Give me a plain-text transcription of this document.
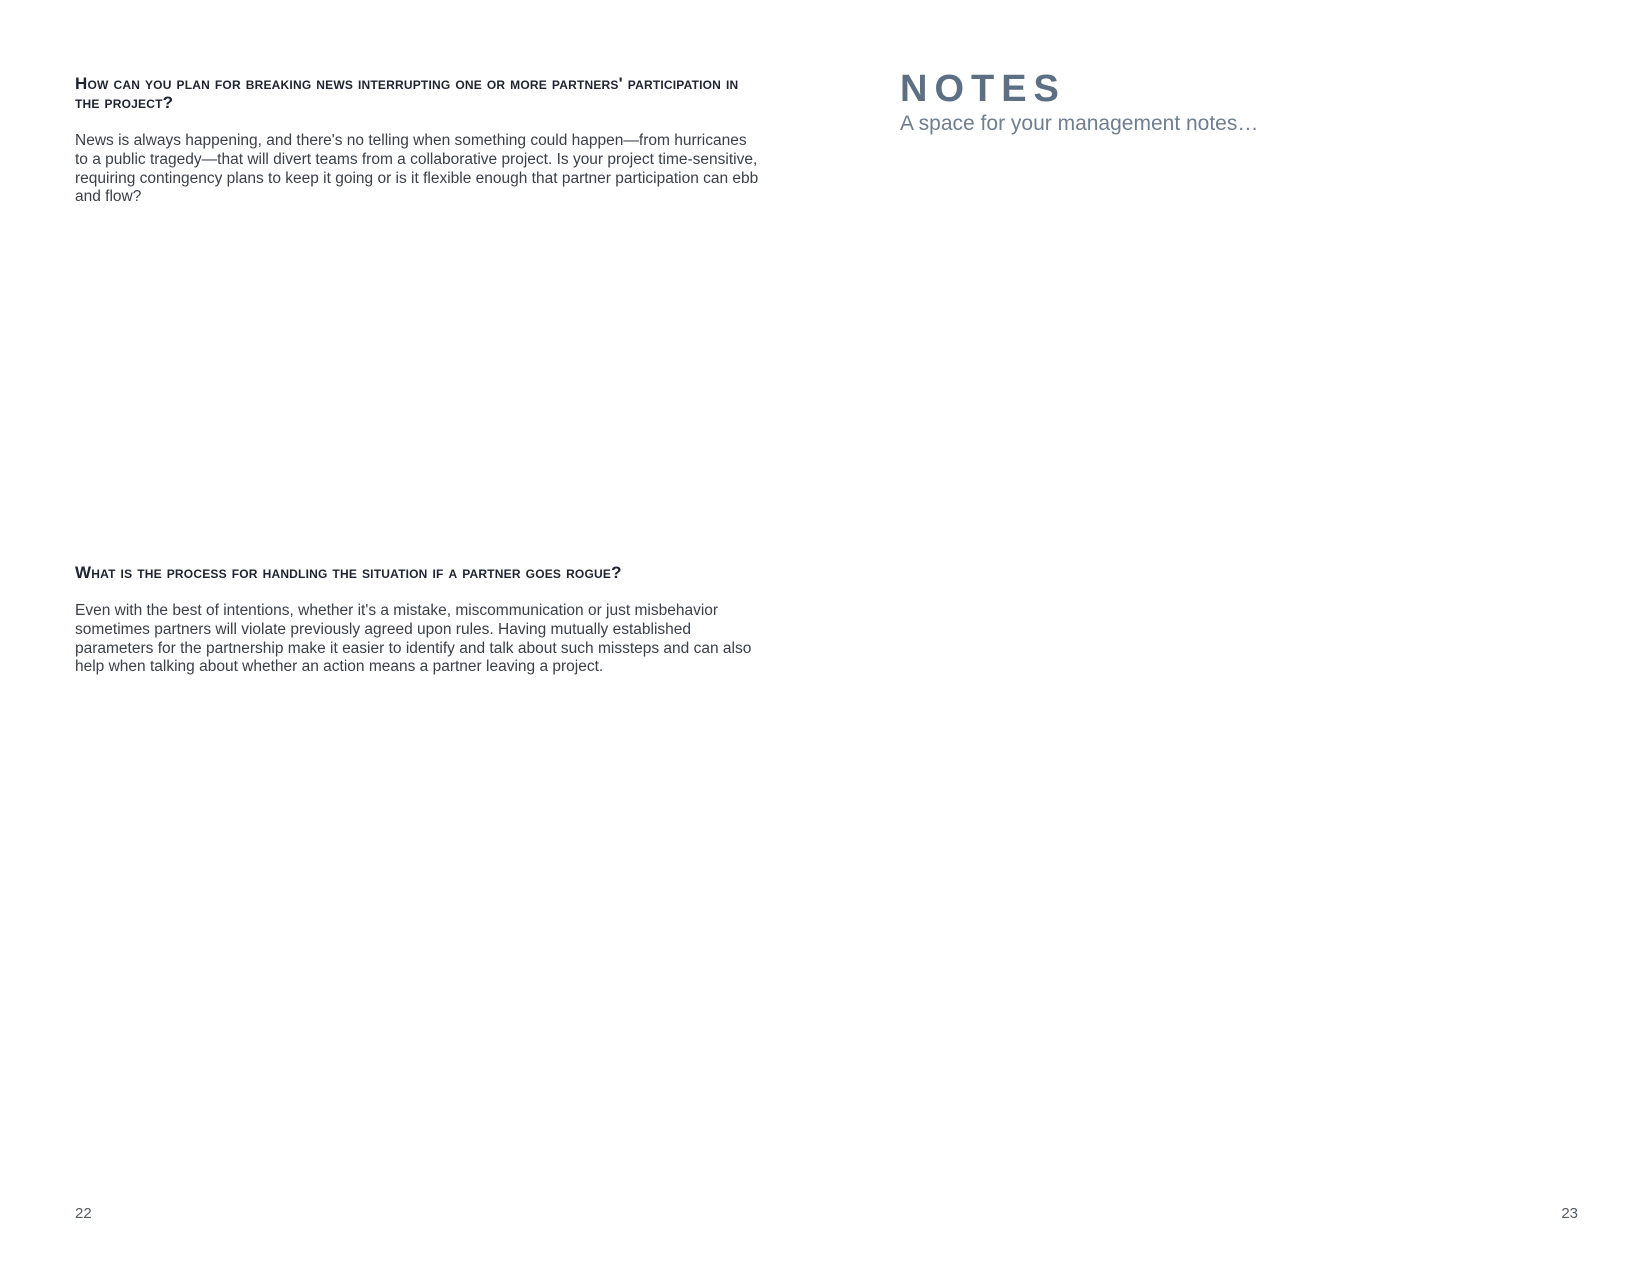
How can you plan for breaking news interrupting one or more partners' participation in the project?

News is always happening, and there's no telling when something could happen—from hurricanes to a public tragedy—that will divert teams from a collaborative project. Is your project time-sensitive, requiring contingency plans to keep it going or is it flexible enough that partner participation can ebb and flow?

What is the process for handling the situation if a partner goes rogue?

Even with the best of intentions, whether it's a mistake, miscommunication or just misbehavior sometimes partners will violate previously agreed upon rules. Having mutually established parameters for the partnership make it easier to identify and talk about such missteps and can also help when talking about whether an action means a partner leaving a project.

22
NOTES

A space for your management notes…

23
